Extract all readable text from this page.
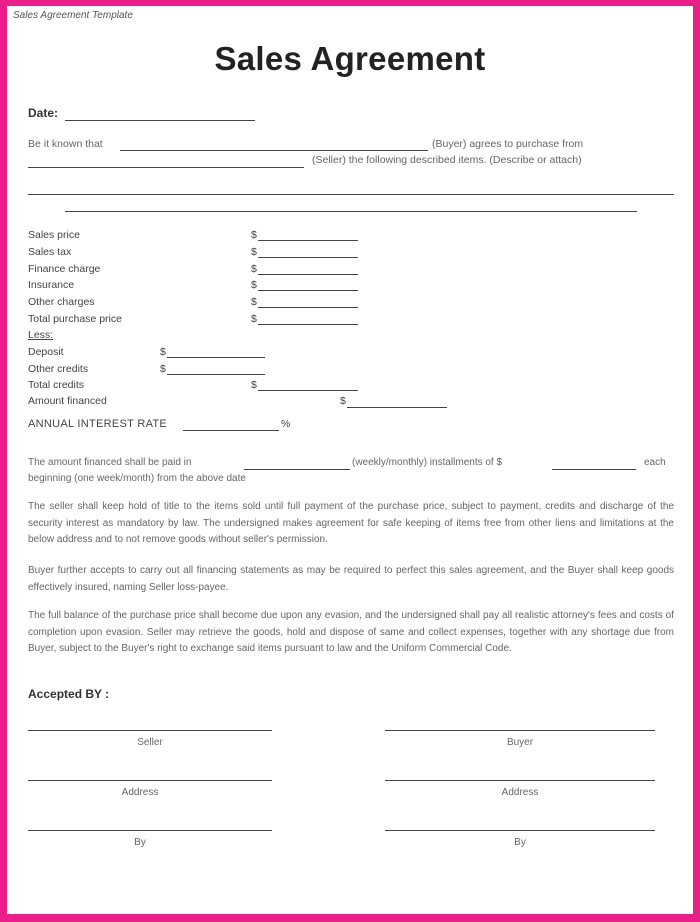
Sales Agreement Template
Sales Agreement
Date:
Be it known that	(Buyer) agrees to purchase from
(Seller) the following described items. (Describe or attach)
Sales price	$
Sales tax	$
Finance charge	$
Insurance	$
Other charges	$
Total purchase price	$
Less:
Deposit	$
Other credits	$
Total credits	$
Amount financed	$
ANNUAL INTEREST RATE	%
The amount financed shall be paid in	(weekly/monthly) installments of $	each
beginning (one week/month) from the above date
The seller shall keep hold of title to the items sold until full payment of the purchase price, subject to payment, credits and discharge of the security interest as mandatory by law. The undersigned makes agreement for safe keeping of items free from other liens and limitations at the below address and to not remove goods without seller's permission.
Buyer further accepts to carry out all financing statements as may be required to perfect this sales agreement, and the Buyer shall keep goods effectively insured, naming Seller loss-payee.
The full balance of the purchase price shall become due upon any evasion, and the undersigned shall pay all realistic attorney's fees and costs of completion upon evasion. Seller may retrieve the goods, hold and dispose of same and collect expenses, together with any shortage due from Buyer, subject to the Buyer's right to exchange said items pursuant to law and the Uniform Commercial Code.
Accepted BY :
Seller	Buyer
Address	Address
By	By
